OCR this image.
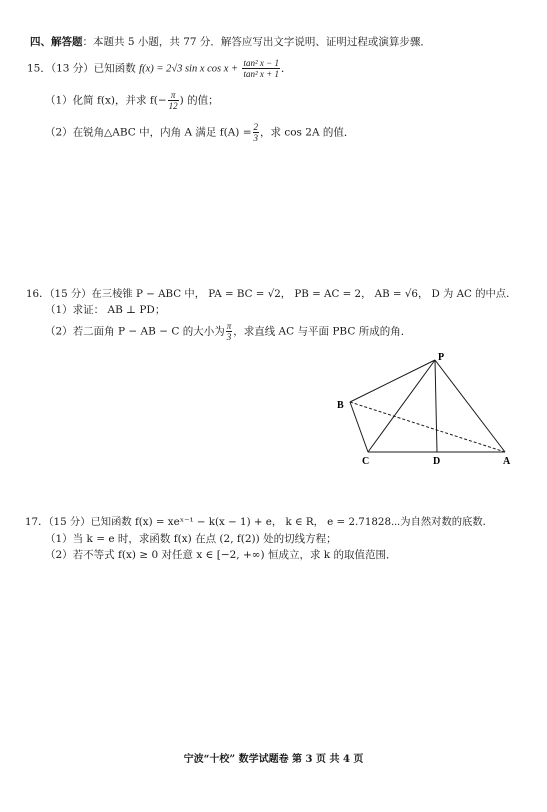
四、解答题：本题共 5 小题，共 77 分．解答应写出文字说明、证明过程或演算步骤．
15．（13 分）已知函数 f(x) = 2√3 sin x $\cos x + \frac{\text{tan² x − 1}}{\text{tan² x + 1}}$ ．
（1）化简 f(x)，并求 $f(- \frac{\pi}{12}$ ) 的值；
（2）在锐角△ABC 中，内角 A 满足 $f(A) = \frac{2}{3}$ ，求 cos 2A 的值．
16．（15 分）在三棱锥 P − ABC 中， PA = BC = √2， PB = AC = 2， AB = √6， D 为 AC 的中点．
（1）求证： AB ⊥ PD；
（2）若二面角 P − AB − C 的大小为 $\frac{\pi}{3}$ ，求直线 AC 与平面 PBC 所成的角．
P
B
C	D	A
17．（15 分）已知函数 f(x) = xeˣ⁻¹ − k(x − 1) + e， k ∈ R， e = 2.71828⋯为自然对数的底数．
（1）当 k = e 时，求函数 f(x) 在点 (2, f(2)) 处的切线方程；
（2）若不等式 f(x) ≥ 0 对任意 x ∈ [−2, +∞) 恒成立，求 k 的取值范围．
宁波“十校” 数学试题卷 第 3 页 共 4 页
